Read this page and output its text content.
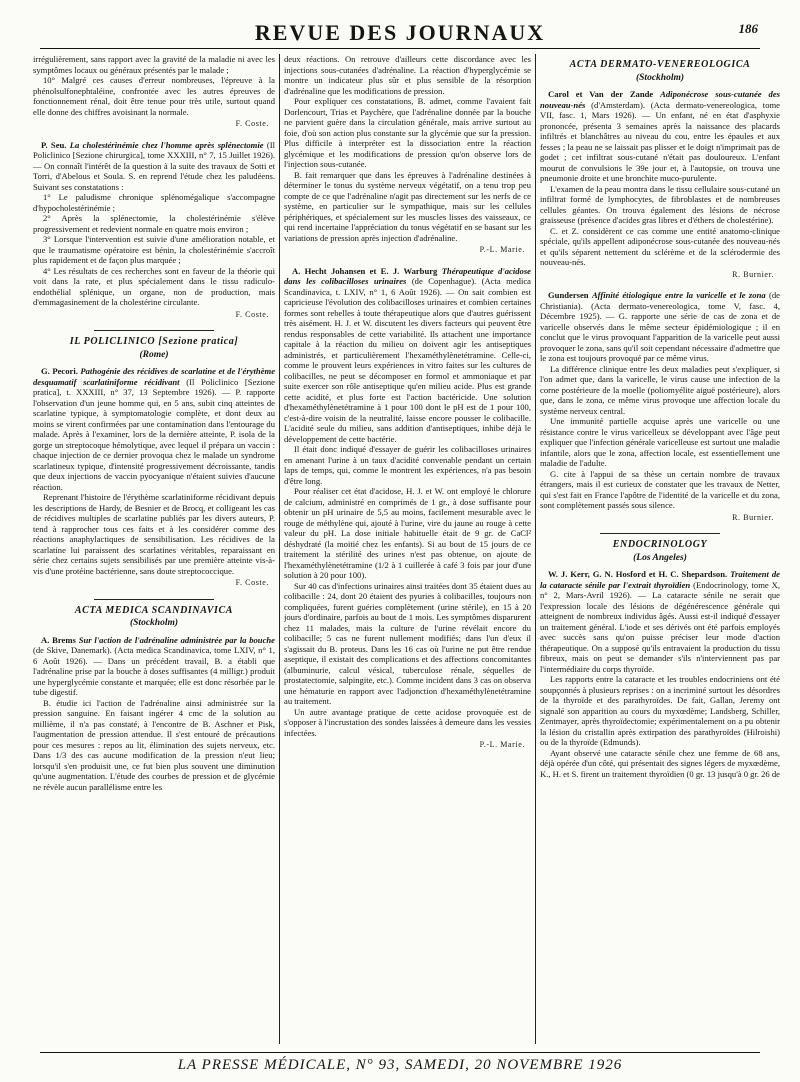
REVUE DES JOURNAUX	186

irrégulièrement, sans rapport avec la gravité de la maladie ni avec les symptômes locaux ou généraux présentés par le malade ;

10° Malgré ces causes d'erreur nombreuses, l'épreuve à la phénolsulfonephtaléine, confrontée avec les autres épreuves de fonctionnement rénal, doit être tenue pour très utile, surtout quand elle donne des chiffres avoisinant la normale.

F. Coste.

P. Seu. La cholestérinémie chez l'homme après splénectomie (Il Policlinico [Sezione chirurgica], tome XXXIII, n° 7, 15 Juillet 1926). — On connaît l'intérêt de la question à la suite des travaux de Sotti et Torri, d'Abelous et Soula. S. en reprend l'étude chez les paludéens. Suivant ses constatations :

1° Le paludisme chronique splénomégalique s'accompagne d'hypocholestérinémie ;

2° Après la splénectomie, la cholestérinémie s'élève progressivement et redevient normale en quatre mois environ ;

3° Lorsque l'intervention est suivie d'une amélioration notable, et que le traumatisme opératoire est bénin, la cholestérinémie s'accroît plus rapidement et de façon plus marquée ;

4° Les résultats de ces recherches sont en faveur de la théorie qui voit dans la rate, et plus spécialement dans le tissu radiculo-endothélial splénique, un organe, non de production, mais d'emmagasinement de la cholestérine circulante.

F. Coste.
IL POLICLINICO [Sezione pratica]
(Rome)

G. Pecori. Pathogénie des récidives de scarlatine et de l'érythème desquamatif scarlatiniforme récidivant (Il Policlinico [Sezione pratica], t. XXXIII, n° 37, 13 Septembre 1926). — P. rapporte l'observation d'un jeune homme qui, en 5 ans, subit cinq atteintes de scarlatine typique, à symptomatologie complète, et dont deux au moins se virent confirmées par une contamination dans l'entourage du malade. Après à l'examiner, lors de la dernière atteinte, P. isola de la gorge un streptocoque hémolytique, avec lequel il prépara un vaccin : chaque injection de ce dernier provoqua chez le malade un syndrome scarlatineux typique, d'intensité progressivement décroissante, tandis que deux injections de vaccin pyocyanique n'étaient suivies d'aucune réaction.

Reprenant l'histoire de l'érythème scarlatiniforme récidivant depuis les descriptions de Hardy, de Besnier et de Brocq, et colligeant les cas de récidives multiples de scarlatine publiés par les divers auteurs, P. tend à rapprocher tous ces faits et à les considérer comme des réactions anaphylactiques de sensibilisation. Les récidives de la scarlatine lui paraissent des scarlatines véritables, reparaissant en série chez certains sujets sensibilisés par une première atteinte vis-à-vis d'une protéine bactérienne, sans doute streptococcique.

F. Coste.
ACTA MEDICA SCANDINAVICA
(Stockholm)

A. Brems Sur l'action de l'adrénaline administrée par la bouche (de Skive, Danemark). (Acta medica Scandinavica, tome LXIV, n° 1, 6 Août 1926). — Dans un précédent travail, B. a établi que l'adrénaline prise par la bouche à doses suffisantes (4 milligr.) produit une hyperglycémie constante et marquée; elle est donc résorbée par le tube digestif.

B. étudie ici l'action de l'adrénaline ainsi administrée sur la pression sanguine. En faisant ingérer 4 cmc de la solution au millième, il n'a pas constaté, à l'encontre de B. Aschner et Pisk, l'augmentation de pression attendue. Il s'est entouré de précautions pour ces mesures : repos au lit, élimination des sujets nerveux, etc. Dans 1/3 des cas aucune modification de la pression n'eut lieu; lorsqu'il s'en produisit une, ce fut bien plus souvent une diminution qu'une augmentation. L'étude des courbes de pression et de glycémie ne révèle aucun parallélisme entre les

deux réactions. On retrouve d'ailleurs cette discordance avec les injections sous-cutanées d'adrénaline. La réaction d'hyperglycémie se montre un indicateur plus sûr et plus sensible de la résorption d'adrénaline que les modifications de pression.

Pour expliquer ces constatations, B. admet, comme l'avaient fait Dorlencourt, Trias et Paychère, que l'adrénaline donnée par la bouche ne parvient guère dans la circulation générale, mais arrive surtout au foie, d'où son action plus constante sur la glycémie que sur la pression. Plus difficile à interpréter est la dissociation entre la réaction glycémique et les modifications de pression qu'on observe lors de l'injection sous-cutanée.

B. fait remarquer que dans les épreuves à l'adrénaline destinées à déterminer le tonus du système nerveux végétatif, on a tenu trop peu compte de ce que l'adrénaline n'agit pas directement sur les nerfs de ce système, en particulier sur le sympathique, mais sur les cellules périphériques, et spécialement sur les muscles lisses des vaisseaux, ce qui rend incertaine l'appréciation du tonus végétatif en se basant sur les variations de pression après injection d'adrénaline.

P.-L. Marie.

A. Hecht Johansen et E. J. Warburg Thérapeutique d'acidose dans les colibacilloses urinaires (de Copenhague). (Acta medica Scandinavica, t. LXIV, n° 1, 6 Août 1926). — On sait combien est capricieuse l'évolution des colibacilloses urinaires et combien certaines formes sont rebelles à toute thérapeutique alors que d'autres guérissent très aisément. H. J. et W. discutent les divers facteurs qui peuvent être rendus responsables de cette variabilité. Ils attachent une importance capitale à la réaction du milieu on doivent agir les antiseptiques administrés, et particulièrement l'hexaméthylènetétramine. Celle-ci, comme le prouvent leurs expériences in vitro faites sur les cultures de colibacilles, ne peut se décomposer en formol et ammoniaque et par suite exercer son rôle antiseptique qu'en milieu acide. Plus est grande cette acidité, et plus forte est l'action bactéricide. Une solution d'hexaméthylènetétramine à 1 pour 100 dont le pH est de 1 pour 100, c'est-à-dire voisin de la neutralité, laisse encore pousser le colibacille. L'acidité seule du milieu, sans addition d'antiseptiques, inhibe déjà le développement de cette bactérie.

Il était donc indiqué d'essayer de guérir les colibacilloses urinaires en amenant l'urine à un taux d'acidité convenable pendant un certain laps de temps, qui, comme le montrent les expériences, n'a pas besoin d'être long.

Pour réaliser cet état d'acidose, H. J. et W. ont employé le chlorure de calcium, administré en comprimés de 1 gr., à dose suffisante pour obtenir un pH urinaire de 5,5 au moins, facilement mesurable avec le rouge de méthylène qui, ajouté à l'urine, vire du jaune au rouge à cette valeur du pH. La dose initiale habituelle était de 9 gr. de CaCl² déshydraté (la moitié chez les enfants). Si au bout de 15 jours de ce traitement la stérilité des urines n'est pas obtenue, on ajoute de l'hexaméthylènetétramine (1/2 à 1 cuillerée à café 3 fois par jour d'une solution à 20 pour 100).

Sur 40 cas d'infections urinaires ainsi traitées dont 35 étaient dues au colibacille : 24, dont 20 étaient des pyuries à colibacilles, toujours non compliquées, furent guéries complètement (urine stérile), en 15 à 20 jours d'ordinaire, parfois au bout de 1 mois. Les symptômes disparurent chez 11 malades, mais la culture de l'urine révélait encore du colibacille; 5 cas ne furent nullement modifiés; dans l'un d'eux il s'agissait du B. proteus. Dans les 16 cas où l'urine ne put être rendue aseptique, il existait des complications et des affections concomitantes (albuminurie, calcul vésical, tuberculose rénale, séquelles de prostatectomie, salpingite, etc.). Comme incident dans 3 cas on observa une hématurie en rapport avec l'adjonction d'hexaméthylènetétramine au traitement.

Un autre avantage pratique de cette acidose provoquée est de s'opposer à l'incrustation des sondes laissées à demeure dans les vessies infectées.

P.-L. Marie.
ACTA DERMATO-VENEREOLOGICA
(Stockholm)

Carol et Van der Zande Adiponécrose sous-cutanée des nouveau-nés (d'Amsterdam). (Acta dermato-venereologica, tome VII, fasc. 1, Mars 1926). — Un enfant, né en état d'asphyxie prononcée, présenta 3 semaines après la naissance des placards infiltrés et blanchâtres au niveau du cou, entre les épaules et aux fesses ; la peau ne se laissait pas plisser et le doigt n'imprimait pas de godet ; cet infiltrat sous-cutané n'était pas douloureux. L'enfant mourut de convulsions le 39e jour et, à l'autopsie, on trouva une pneumonie droite et une bronchite muco-purulente.

L'examen de la peau montra dans le tissu cellulaire sous-cutané un infiltrat formé de lymphocytes, de fibroblastes et de nombreuses cellules géantes. On trouva également des lésions de nécrose graisseuse (présence d'acides gras libres et d'éthers de cholestérine).

C. et Z. considèrent ce cas comme une entité anatomo-clinique spéciale, qu'ils appellent adiponécrose sous-cutanée des nouveau-nés et qu'ils séparent nettement du sclérème et de la sclérodermie des nouveau-nés.

R. Burnier.

Gundersen Affinité étiologique entre la varicelle et le zona (de Christiania). (Acta dermato-venereologica, tome V, fasc. 4, Décembre 1925). — G. rapporte une série de cas de zona et de varicelle observés dans le même secteur épidémiologique ; il en conclut que le virus provoquant l'apparition de la varicelle peut aussi provoquer le zona, sans qu'il soit cependant nécessaire d'admettre que le zona est toujours provoqué par ce même virus.

La différence clinique entre les deux maladies peut s'expliquer, si l'on admet que, dans la varicelle, le virus cause une infection de la corne postérieure de la moelle (poliomyélite aiguë postérieure), alors que, dans le zona, ce même virus provoque une affection locale du système nerveux central.

Une immunité partielle acquise après une varicelle ou une résistance contre le virus varicelleux se développant avec l'âge peut expliquer que l'infection générale varicelleuse est surtout une maladie infantile, alors que le zona, affection locale, est essentiellement une maladie de l'adulte.

G. cite à l'appui de sa thèse un certain nombre de travaux étrangers, mais il est curieux de constater que les travaux de Netter, qui s'est fait en France l'apôtre de l'identité de la varicelle et du zona, sont complètement passés sous silence.

R. Burnier.
ENDOCRINOLOGY
(Los Angeles)

W. J. Kerr, G. N. Hosford et H. C. Shepardson. Traitement de la cataracte sénile par l'extrait thyroïdien (Endocrinology, tome X, n° 2, Mars-Avril 1926). — La cataracte sénile ne serait que l'expression locale des lésions de dégénérescence générale qui atteignent de nombreux individus âgés. Aussi est-il indiqué d'essayer un traitement général. L'iode et ses dérivés ont été parfois employés avec succès sans qu'on puisse préciser leur mode d'action thérapeutique. On a supposé qu'ils entravaient la production du tissu fibreux, mais on peut se demander s'ils n'interviennent pas par l'intermédiaire du corps thyroïde.

Les rapports entre la cataracte et les troubles endocriniens ont été soupçonnés à plusieurs reprises : on a incriminé surtout les désordres de la thyroïde et des parathyroïdes. De fait, Gallan, Jeremy ont signalé son apparition au cours du myxœdème; Landsberg, Schiller, Zentmayer, après thyroïdectomie; expérimentalement on a pu obtenir la lésion du cristallin après extirpation des parathyroïdes (Hilroishi) ou de la thyroïde (Edmunds).

Ayant observé une cataracte sénile chez une femme de 68 ans, déjà opérée d'un côté, qui présentait des signes légers de myxœdème, K., H. et S. firent un traitement thyroïdien (0 gr. 13 jusqu'à 0 gr. 26 de

LA PRESSE MÉDICALE, N° 93, SAMEDI, 20 NOVEMBRE 1926
